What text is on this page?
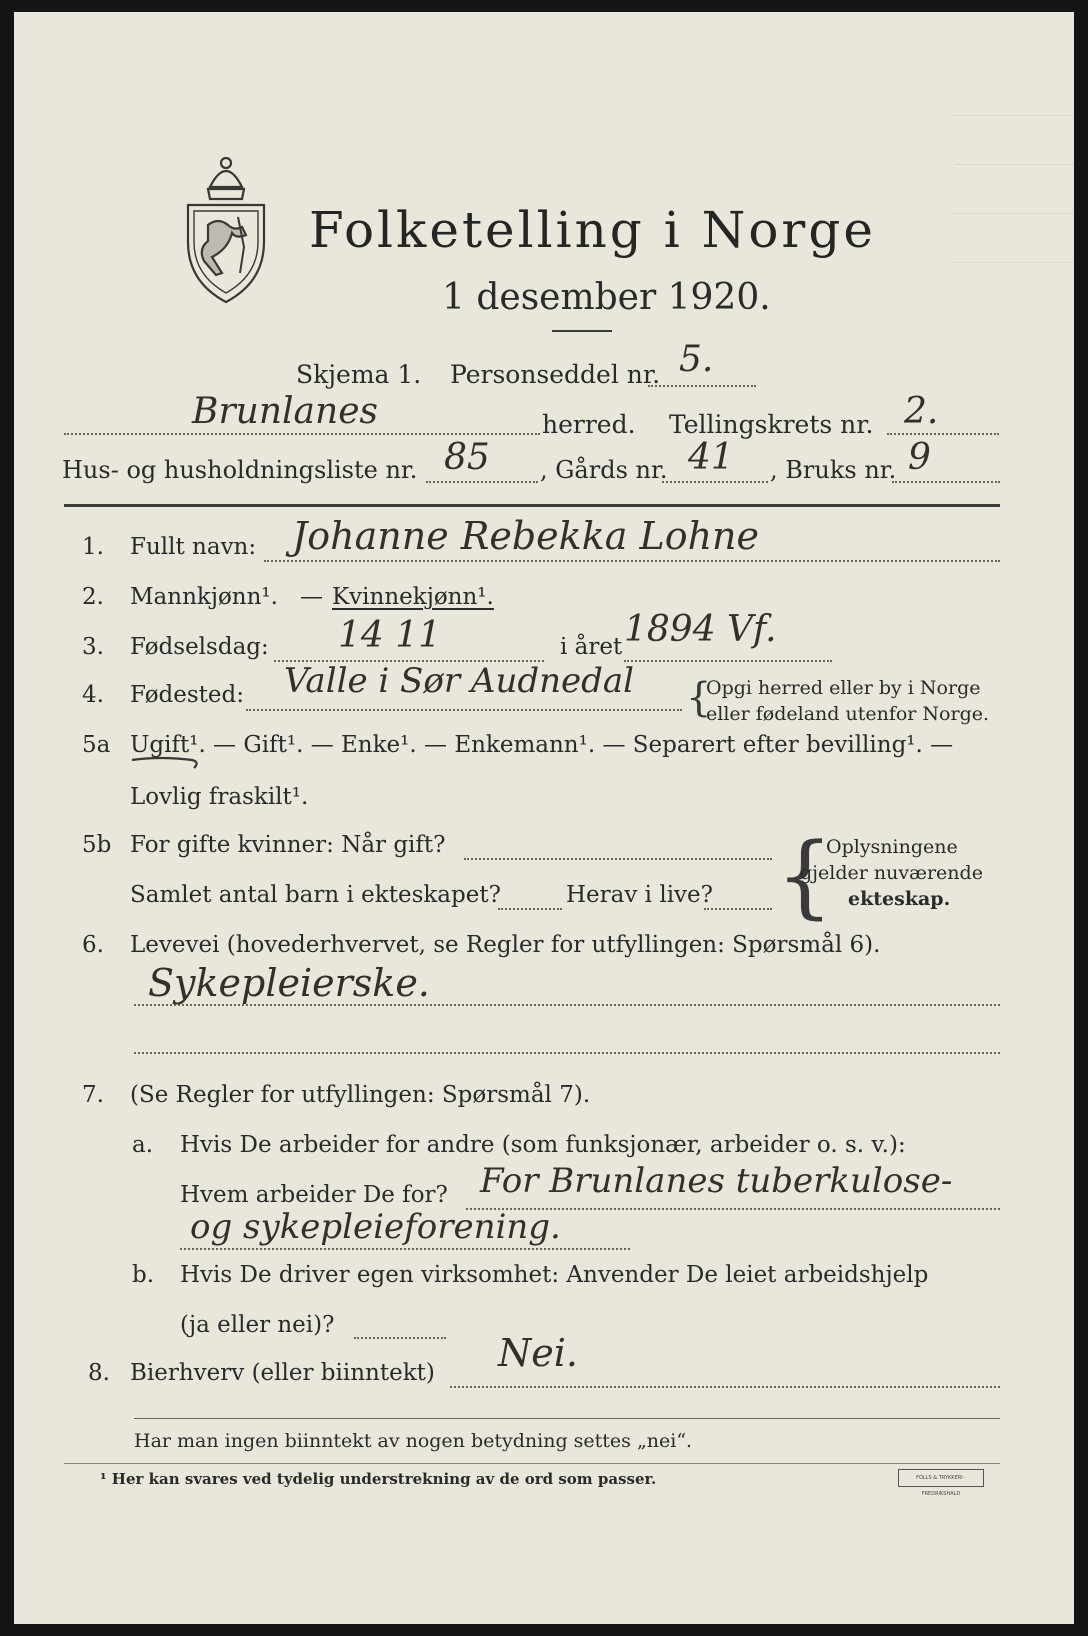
Folketelling i Norge
1 desember 1920.
Skjema 1. Personseddel nr. 5.
Brunlanes	herred. Tellingskrets nr. 2.
Hus- og husholdningsliste nr. 85 , Gårds nr. 41 , Bruks nr. 9
1. Fullt navn: Johanne Rebekka Lohne
2. Mannkjønn¹. — Kvinnekjønn¹.
3. Fødselsdag: 14 11	i året 1894 Vf.
4. Fødested: Valle i Sør Audnedal {
Opgi herred eller by i Norge
eller fødeland utenfor Norge.
5a Ugift¹. — Gift¹. — Enke¹. — Enkemann¹. — Separert efter bevilling¹. —
Lovlig fraskilt¹.
5b For gifte kvinner: Når gift?
Samlet antal barn i ekteskapet?	Herav i live? {
Oplysningene
gjelder nuværende
ekteskap.
6. Levevei (hovederhvervet, se Regler for utfyllingen: Spørsmål 6).
Sykepleierske.
7. (Se Regler for utfyllingen: Spørsmål 7).
a. Hvis De arbeider for andre (som funksjonær, arbeider o. s. v.):
Hvem arbeider De for? For Brunlanes tuberkulose-
og sykepleieforening.
b. Hvis De driver egen virksomhet: Anvender De leiet arbeidshjelp
(ja eller nei)?
8. Bierhverv (eller biinntekt) Nei.
Har man ingen biinntekt av nogen betydning settes „nei“.
¹ Her kan svares ved tydelig understrekning av de ord som passer.	FOLLS & TRYKKERI · FREDRIKSHALD
